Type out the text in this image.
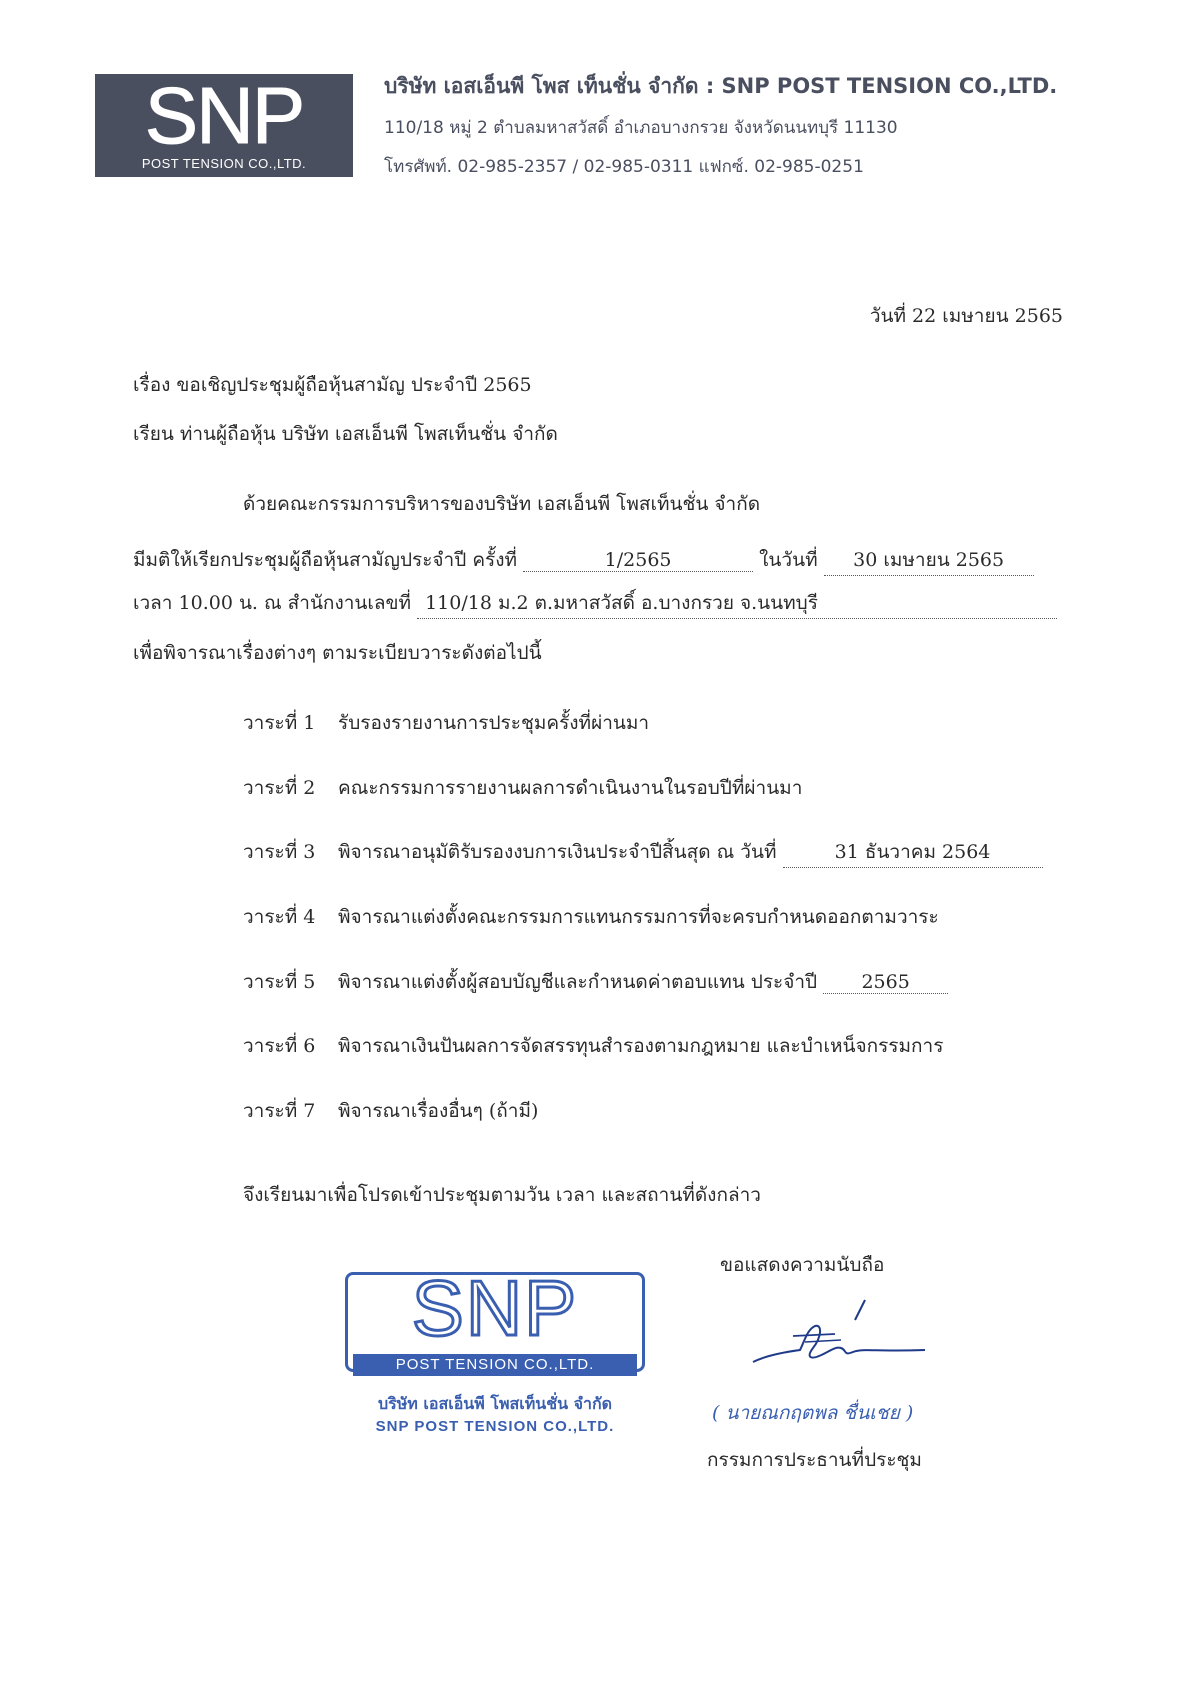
SNP
POST TENSION CO.,LTD.
บริษัท เอสเอ็นพี โพส เท็นชั่น จำกัด : SNP POST TENSION CO.,LTD.
110/18 หมู่ 2 ตำบลมหาสวัสดิ์ อำเภอบางกรวย จังหวัดนนทบุรี 11130
โทรศัพท์. 02-985-2357 / 02-985-0311 แฟกซ์. 02-985-0251
วันที่ 22 เมษายน 2565
เรื่อง ขอเชิญประชุมผู้ถือหุ้นสามัญ ประจำปี 2565
เรียน ท่านผู้ถือหุ้น บริษัท เอสเอ็นพี โพสเท็นชั่น จำกัด
ด้วยคณะกรรมการบริหารของบริษัท เอสเอ็นพี โพสเท็นชั่น จำกัด
มีมติให้เรียกประชุมผู้ถือหุ้นสามัญประจำปี ครั้งที่	1/2565	ในวันที่ 30 เมษายน 2565
เวลา 10.00 น. ณ สำนักงานเลขที่ 110/18 ม.2 ต.มหาสวัสดิ์ อ.บางกรวย จ.นนทบุรี
เพื่อพิจารณาเรื่องต่างๆ ตามระเบียบวาระดังต่อไปนี้
วาระที่ 1 รับรองรายงานการประชุมครั้งที่ผ่านมา
วาระที่ 2 คณะกรรมการรายงานผลการดำเนินงานในรอบปีที่ผ่านมา
วาระที่ 3 พิจารณาอนุมัติรับรองงบการเงินประจำปีสิ้นสุด ณ วันที่	31 ธันวาคม 2564
วาระที่ 4 พิจารณาแต่งตั้งคณะกรรมการแทนกรรมการที่จะครบกำหนดออกตามวาระ
วาระที่ 5 พิจารณาแต่งตั้งผู้สอบบัญชีและกำหนดค่าตอบแทน ประจำปี 2565
วาระที่ 6 พิจารณาเงินปันผลการจัดสรรทุนสำรองตามกฎหมาย และบำเหน็จกรรมการ
วาระที่ 7 พิจารณาเรื่องอื่นๆ (ถ้ามี)
จึงเรียนมาเพื่อโปรดเข้าประชุมตามวัน เวลา และสถานที่ดังกล่าว
ขอแสดงความนับถือ
SNP
POST TENSION CO.,LTD.
บริษัท เอสเอ็นพี โพสเท็นชั่น จำกัด
SNP POST TENSION CO.,LTD.
( นายณกฤตพล ชื่นเชย )
กรรมการประธานที่ประชุม
